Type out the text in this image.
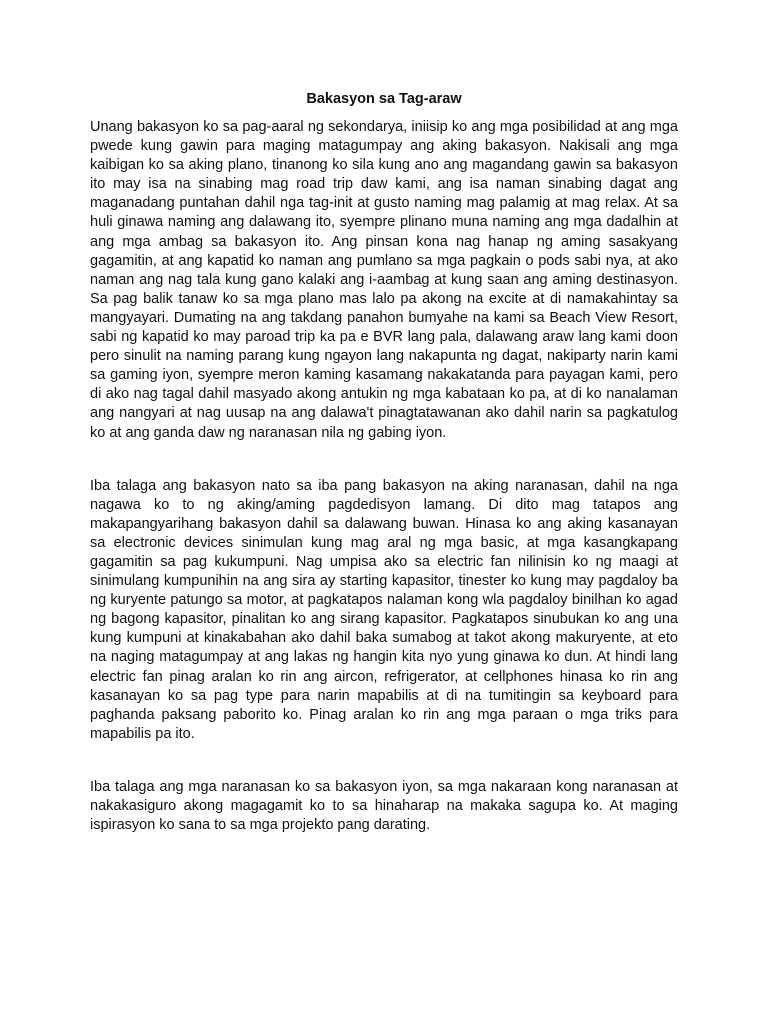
Bakasyon sa Tag-araw

Unang bakasyon ko sa pag-aaral ng sekondarya, iniisip ko ang mga posibilidad at ang mga pwede kung gawin para maging matagumpay ang aking bakasyon. Nakisali ang mga kaibigan ko sa aking plano, tinanong ko sila kung ano ang magandang gawin sa bakasyon ito may isa na sinabing mag road trip daw kami, ang isa naman sinabing dagat ang maganadang puntahan dahil nga tag-init at gusto naming mag palamig at mag relax. At sa huli ginawa naming ang dalawang ito, syempre plinano muna naming ang mga dadalhin at ang mga ambag sa bakasyon ito. Ang pinsan kona nag hanap ng aming sasakyang gagamitin, at ang kapatid ko naman ang pumlano sa mga pagkain o pods sabi nya, at ako naman ang nag tala kung gano kalaki ang i-aambag at kung saan ang aming destinasyon. Sa pag balik tanaw ko sa mga plano mas lalo pa akong na excite at di namakahintay sa mangyayari. Dumating na ang takdang panahon bumyahe na kami sa Beach View Resort, sabi ng kapatid ko may paroad trip ka pa e BVR lang pala, dalawang araw lang kami doon pero sinulit na naming parang kung ngayon lang nakapunta ng dagat, nakiparty narin kami sa gaming iyon, syempre meron kaming kasamang nakakatanda para payagan kami, pero di ako nag tagal dahil masyado akong antukin ng mga kabataan ko pa, at di ko nanalaman ang nangyari at nag uusap na ang dalawa't pinagtatawanan ako dahil narin sa pagkatulog ko at ang ganda daw ng naranasan nila ng gabing iyon.

Iba talaga ang bakasyon nato sa iba pang bakasyon na aking naranasan, dahil na nga nagawa ko to ng aking/aming pagdedisyon lamang. Di dito mag tatapos ang makapangyarihang bakasyon dahil sa dalawang buwan. Hinasa ko ang aking kasanayan sa electronic devices sinimulan kung mag aral ng mga basic, at mga kasangkapang gagamitin sa pag kukumpuni. Nag umpisa ako sa electric fan nilinisin ko ng maagi at sinimulang kumpunihin na ang sira ay starting kapasitor, tinester ko kung may pagdaloy ba ng kuryente patungo sa motor, at pagkatapos nalaman kong wla pagdaloy binilhan ko agad ng bagong kapasitor, pinalitan ko ang sirang kapasitor. Pagkatapos sinubukan ko ang una kung kumpuni at kinakabahan ako dahil baka sumabog at takot akong makuryente, at eto na naging matagumpay at ang lakas ng hangin kita nyo yung ginawa ko dun. At hindi lang electric fan pinag aralan ko rin ang aircon, refrigerator, at cellphones hinasa ko rin ang kasanayan ko sa pag type para narin mapabilis at di na tumitingin sa keyboard para paghanda paksang paborito ko. Pinag aralan ko rin ang mga paraan o mga triks para mapabilis pa ito.

Iba talaga ang mga naranasan ko sa bakasyon iyon, sa mga nakaraan kong naranasan at nakakasiguro akong magagamit ko to sa hinaharap na makaka sagupa ko. At maging ispirasyon ko sana to sa mga projekto pang darating.
